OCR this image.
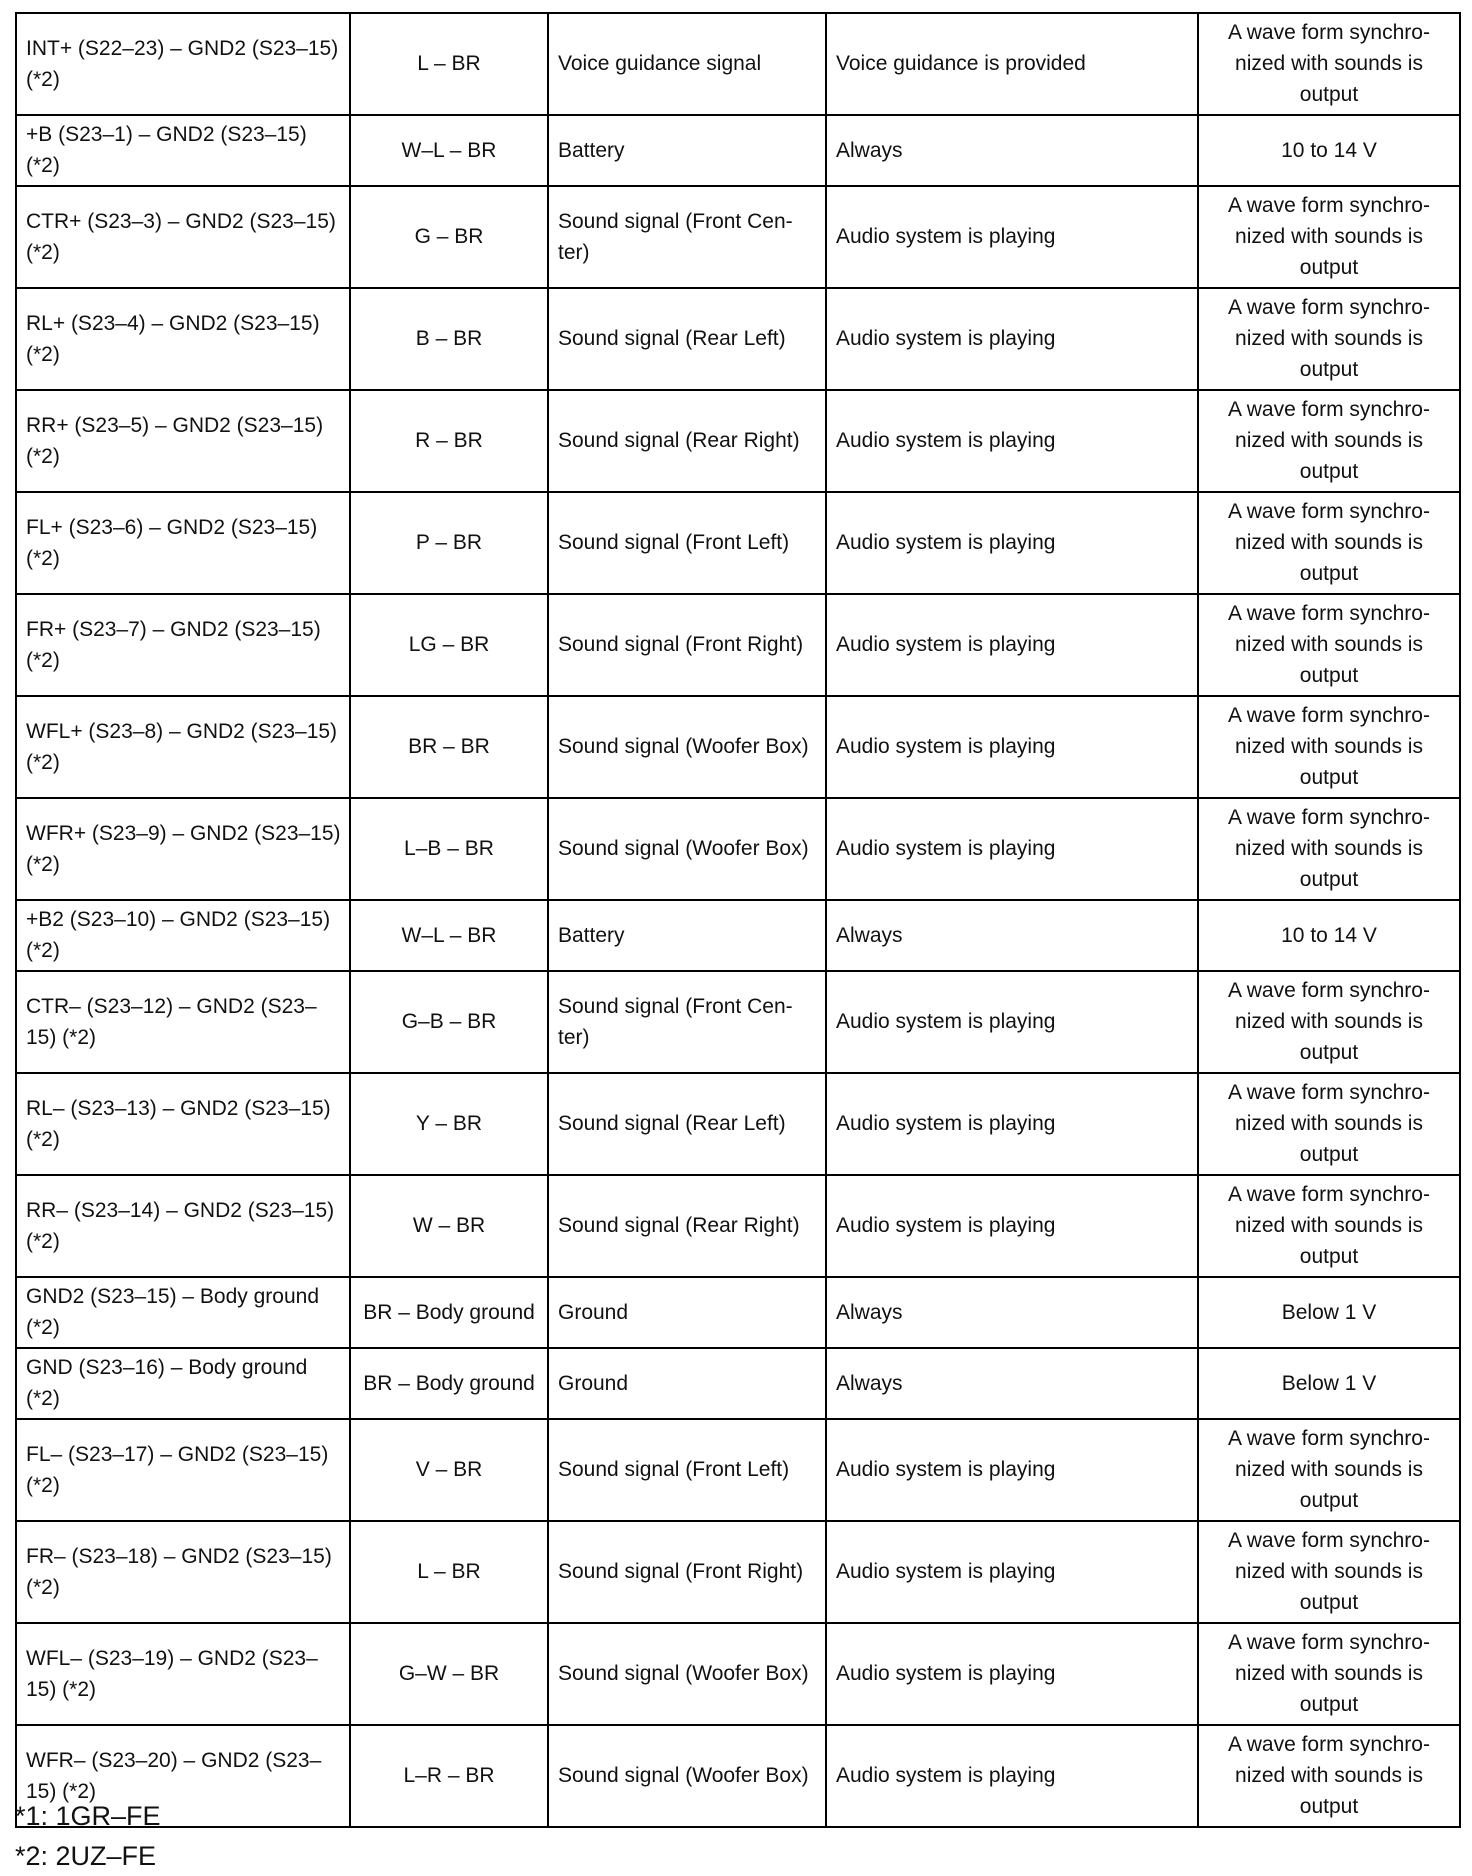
INT+ (S22–23) – GND2 (S23–15) (*2)	L – BR	Voice guidance signal	Voice guidance is provided	A wave form synchro- nized with sounds is output
+B (S23–1) – GND2 (S23–15) (*2)	W–L – BR	Battery	Always	10 to 14 V
CTR+ (S23–3) – GND2 (S23–15) (*2)	G – BR	Sound signal (Front Cen- ter)	Audio system is playing	A wave form synchro- nized with sounds is output
RL+ (S23–4) – GND2 (S23–15) (*2)	B – BR	Sound signal (Rear Left)	Audio system is playing	A wave form synchro- nized with sounds is output
RR+ (S23–5) – GND2 (S23–15) (*2)	R – BR	Sound signal (Rear Right)	Audio system is playing	A wave form synchro- nized with sounds is output
FL+ (S23–6) – GND2 (S23–15) (*2)	P – BR	Sound signal (Front Left)	Audio system is playing	A wave form synchro- nized with sounds is output
FR+ (S23–7) – GND2 (S23–15) (*2)	LG – BR	Sound signal (Front Right)	Audio system is playing	A wave form synchro- nized with sounds is output
WFL+ (S23–8) – GND2 (S23–15) (*2)	BR – BR	Sound signal (Woofer Box)	Audio system is playing	A wave form synchro- nized with sounds is output
WFR+ (S23–9) – GND2 (S23–15) (*2)	L–B – BR	Sound signal (Woofer Box)	Audio system is playing	A wave form synchro- nized with sounds is output
+B2 (S23–10) – GND2 (S23–15) (*2)	W–L – BR	Battery	Always	10 to 14 V
CTR– (S23–12) – GND2 (S23–15) (*2)	G–B – BR	Sound signal (Front Cen- ter)	Audio system is playing	A wave form synchro- nized with sounds is output
RL– (S23–13) – GND2 (S23–15) (*2)	Y – BR	Sound signal (Rear Left)	Audio system is playing	A wave form synchro- nized with sounds is output
RR– (S23–14) – GND2 (S23–15) (*2)	W – BR	Sound signal (Rear Right)	Audio system is playing	A wave form synchro- nized with sounds is output
GND2 (S23–15) – Body ground (*2)	BR – Body ground	Ground	Always	Below 1 V
GND (S23–16) – Body ground (*2)	BR – Body ground	Ground	Always	Below 1 V
FL– (S23–17) – GND2 (S23–15) (*2)	V – BR	Sound signal (Front Left)	Audio system is playing	A wave form synchro- nized with sounds is output
FR– (S23–18) – GND2 (S23–15) (*2)	L – BR	Sound signal (Front Right)	Audio system is playing	A wave form synchro- nized with sounds is output
WFL– (S23–19) – GND2 (S23–15) (*2)	G–W – BR	Sound signal (Woofer Box)	Audio system is playing	A wave form synchro- nized with sounds is output
WFR– (S23–20) – GND2 (S23–15) (*2)	L–R – BR	Sound signal (Woofer Box)	Audio system is playing	A wave form synchro- nized with sounds is output
*1: 1GR–FE
*2: 2UZ–FE
